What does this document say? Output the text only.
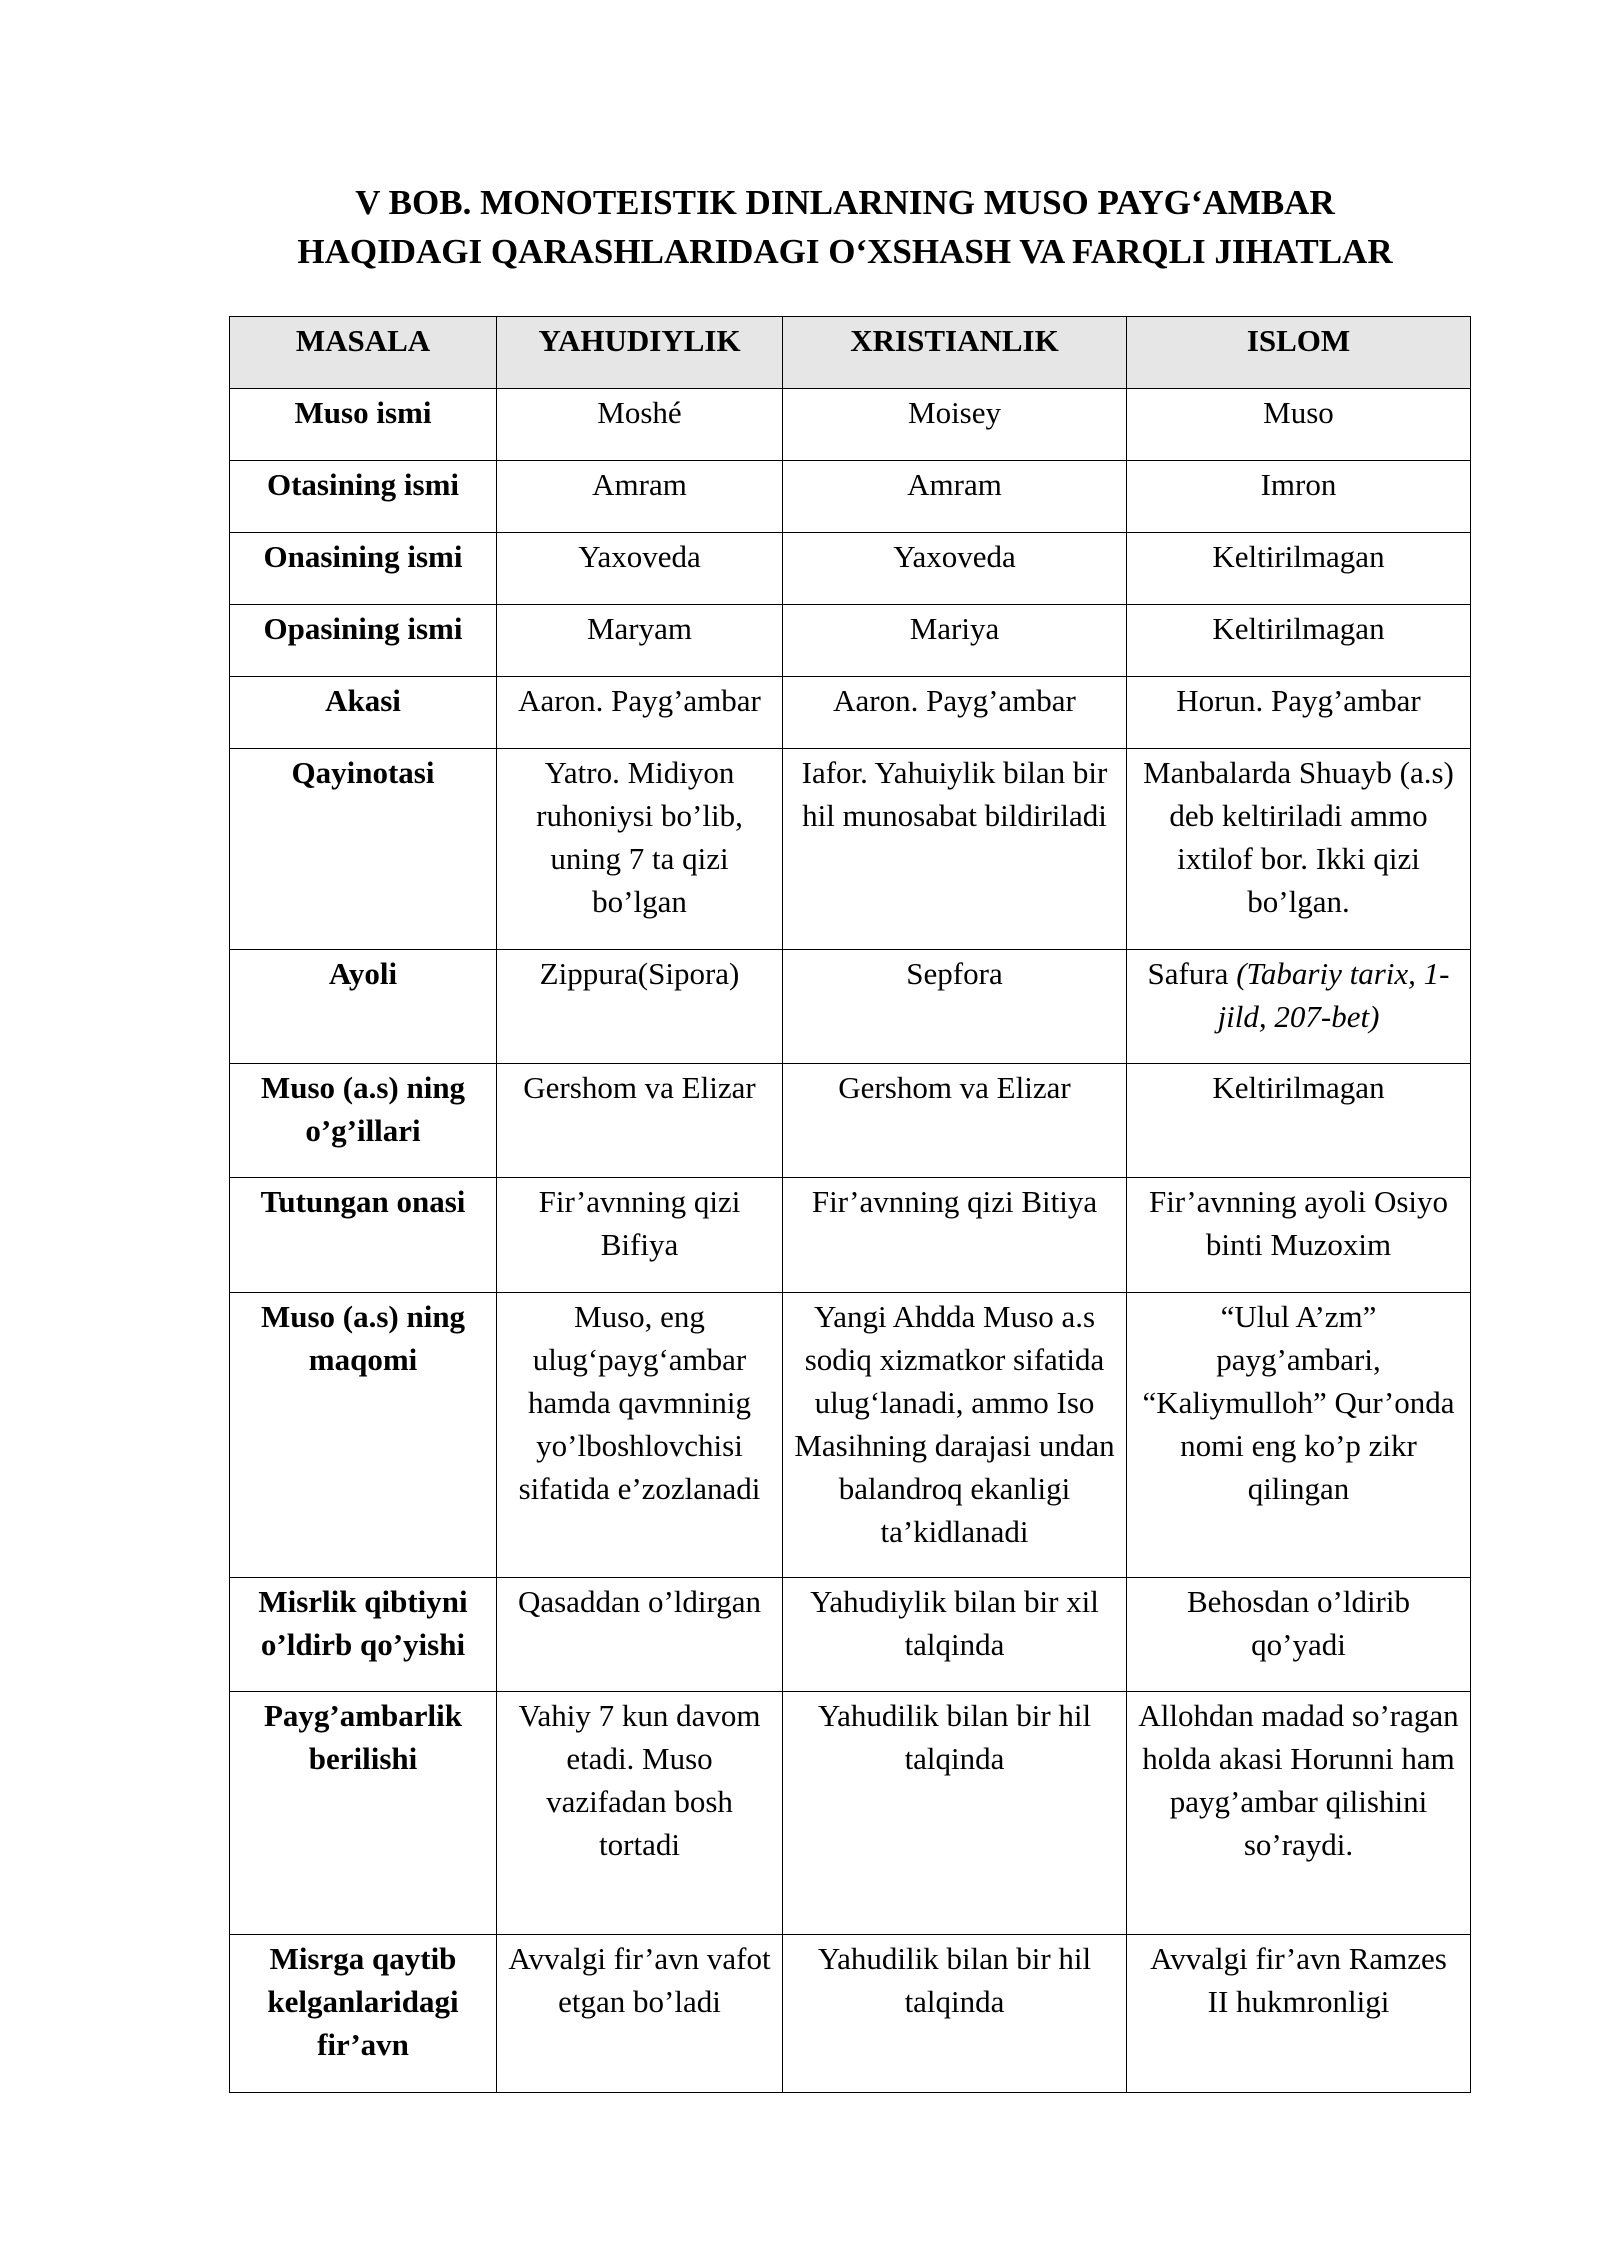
V BOB. MONOTEISTIK DINLARNING MUSO PAYG‘AMBAR
HAQIDAGI QARASHLARIDAGI O‘XSHASH VA FARQLI JIHATLAR
MASALA	YAHUDIYLIK	XRISTIANLIK	ISLOM
Muso ismi	Moshé	Moisey	Muso
Otasining ismi	Amram	Amram	Imron
Onasining ismi	Yaxoveda	Yaxoveda	Keltirilmagan
Opasining ismi	Maryam	Mariya	Keltirilmagan
Akasi	Aaron. Payg’ambar	Aaron. Payg’ambar	Horun. Payg’ambar
Qayinotasi	Yatro. Midiyon ruhoniysi bo’lib, uning 7 ta qizi bo’lgan	Iafor. Yahuiylik bilan bir hil munosabat bildiriladi	Manbalarda Shuayb (a.s) deb keltiriladi ammo ixtilof bor. Ikki qizi bo’lgan.
Ayoli	Zippura(Sipora)	Sepfora	Safura (Tabariy tarix, 1-jild, 207-bet)
Muso (a.s) ning o’g’illari	Gershom va Elizar	Gershom va Elizar	Keltirilmagan
Tutungan onasi	Fir’avnning qizi Bifiya	Fir’avnning qizi Bitiya	Fir’avnning ayoli Osiyo binti Muzoxim
Muso (a.s) ning maqomi	Muso, eng ulug‘payg‘ambar hamda qavmninig yo’lboshlovchisi sifatida e’zozlanadi	Yangi Ahdda Muso a.s sodiq xizmatkor sifatida ulug‘lanadi, ammo Iso Masihning darajasi undan balandroq ekanligi ta’kidlanadi	“Ulul A’zm” payg’ambari, “Kaliymulloh” Qur’onda nomi eng ko’p zikr qilingan
Misrlik qibtiyni o’ldirb qo’yishi	Qasaddan o’ldirgan	Yahudiylik bilan bir xil talqinda	Behosdan o’ldirib qo’yadi
Payg’ambarlik berilishi	Vahiy 7 kun davom etadi. Muso vazifadan bosh tortadi	Yahudilik bilan bir hil talqinda	Allohdan madad so’ragan holda akasi Horunni ham payg’ambar qilishini so’raydi.
Misrga qaytib kelganlaridagi fir’avn	Avvalgi fir’avn vafot etgan bo’ladi	Yahudilik bilan bir hil talqinda	Avvalgi fir’avn Ramzes II hukmronligi
